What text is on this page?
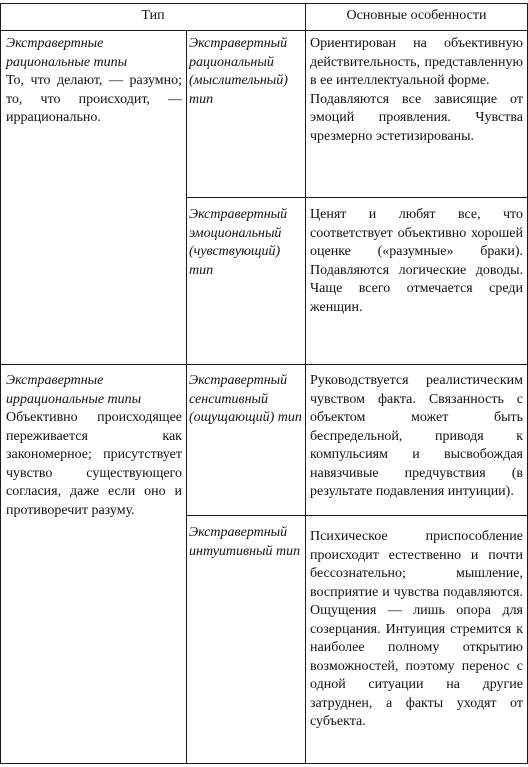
Тип	Основные особенности

Экстравертные рациональные типы

То, что делают, — разумно; то, что происходит, — иррационально.

Экстравертный рациональный (мыслительный) тип

Ориентирован на объективную действительность, представленную в ее интеллектуальной форме.

Подавляются все зависящие от эмоций проявления. Чувства чрезмерно эстетизированы.

Экстравертный эмоциональный (чувствующий) тип

Ценят и любят все, что соответствует объективно хорошей оценке («разумные» браки). Подавляются логические доводы. Чаще всего отмечается среди женщин.

Экстравертные иррациональные типы

Объективно происходящее переживается как закономерное; присутствует чувство существующего согласия, даже если оно и противоречит разуму.

Экстравертный сенситивный (ощущающий) тип

Руководствуется реалистическим чувством факта. Связанность с объектом может быть беспредельной, приводя к компульсиям и высвобождая навязчивые предчувствия (в результате подавления интуиции).

Экстравертный интуитивный тип

Психическое приспособление происходит естественно и почти бессознательно; мышление, восприятие и чувства подавляются. Ощущения — лишь опора для созерцания. Интуиция стремится к наиболее полному открытию возможностей, поэтому перенос с одной ситуации на другие затруднен, а факты уходят от субъекта.
